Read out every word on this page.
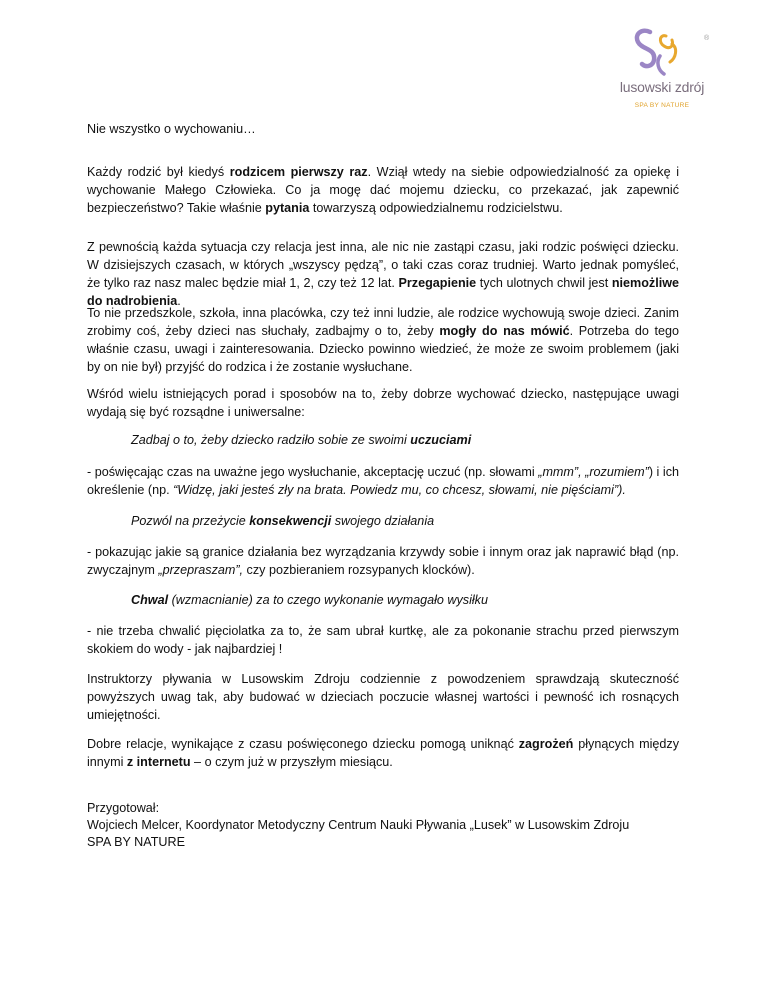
®
lusowski zdrój
SPA BY NATURE

Nie wszystko o wychowaniu…

Każdy rodzić był kiedyś rodzicem pierwszy raz. Wziął wtedy na siebie odpowiedzialność za opiekę i wychowanie Małego Człowieka. Co ja mogę dać mojemu dziecku, co przekazać, jak zapewnić bezpieczeństwo? Takie właśnie pytania towarzyszą odpowiedzialnemu rodzicielstwu.

Z pewnością każda sytuacja czy relacja jest inna, ale nic nie zastąpi czasu, jaki rodzic poświęci dziecku. W dzisiejszych czasach, w których „wszyscy pędzą”, o taki czas coraz trudniej. Warto jednak pomyśleć, że tylko raz nasz malec będzie miał 1, 2, czy też 12 lat. Przegapienie tych ulotnych chwil jest niemożliwe do nadrobienia.

To nie przedszkole, szkoła, inna placówka, czy też inni ludzie, ale rodzice wychowują swoje dzieci. Zanim zrobimy coś, żeby dzieci nas słuchały, zadbajmy o to, żeby mogły do nas mówić. Potrzeba do tego właśnie czasu, uwagi i zainteresowania. Dziecko powinno wiedzieć, że może ze swoim problemem (jaki by on nie był) przyjść do rodzica i że zostanie wysłuchane.

Wśród wielu istniejących porad i sposobów na to, żeby dobrze wychować dziecko, następujące uwagi wydają się być rozsądne i uniwersalne:

Zadbaj o to, żeby dziecko radziło sobie ze swoimi uczuciami

- poświęcając czas na uważne jego wysłuchanie, akceptację uczuć (np. słowami „mmm”, „rozumiem”) i ich określenie (np. “Widzę, jaki jesteś zły na brata. Powiedz mu, co chcesz, słowami, nie pięściami”).

Pozwól na przeżycie konsekwencji swojego działania

- pokazując jakie są granice działania bez wyrządzania krzywdy sobie i innym oraz jak naprawić błąd (np. zwyczajnym „przepraszam”, czy pozbieraniem rozsypanych klocków).

Chwal (wzmacnianie) za to czego wykonanie wymagało wysiłku

- nie trzeba chwalić pięciolatka za to, że sam ubrał kurtkę, ale za pokonanie strachu przed pierwszym skokiem do wody - jak najbardziej !

Instruktorzy pływania w Lusowskim Zdroju codziennie z powodzeniem sprawdzają skuteczność powyższych uwag tak, aby budować w dzieciach poczucie własnej wartości i pewność ich rosnących umiejętności.

Dobre relacje, wynikające z czasu poświęconego dziecku pomogą uniknąć zagrożeń płynących między innymi z internetu – o czym już w przyszłym miesiącu.

Przygotował:

Wojciech Melcer, Koordynator Metodyczny Centrum Nauki Pływania „Lusek” w Lusowskim Zdroju

SPA BY NATURE
